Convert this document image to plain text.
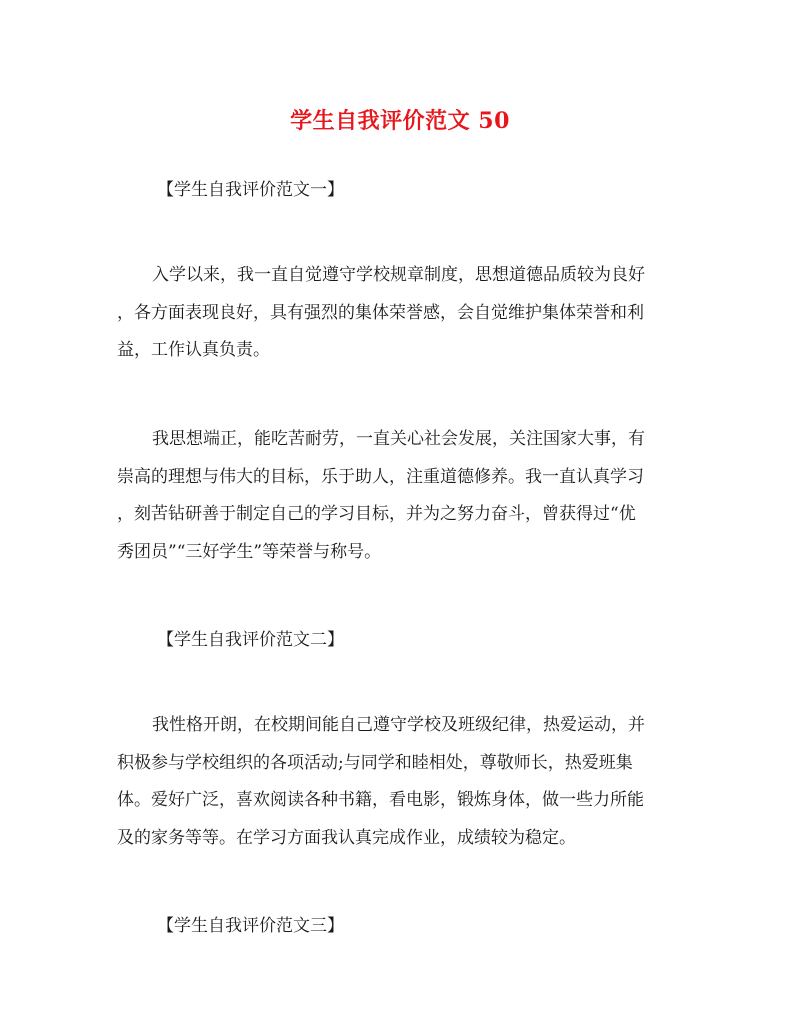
学生自我评价范文 50
【学生自我评价范文一】
入学以来，我一直自觉遵守学校规章制度，思想道德品质较为良好
，各方面表现良好，具有强烈的集体荣誉感，会自觉维护集体荣誉和利
益，工作认真负责。
我思想端正，能吃苦耐劳，一直关心社会发展，关注国家大事，有
崇高的理想与伟大的目标，乐于助人，注重道德修养。我一直认真学习
，刻苦钻研善于制定自己的学习目标，并为之努力奋斗，曾获得过“优
秀团员”“三好学生”等荣誉与称号。
【学生自我评价范文二】
我性格开朗，在校期间能自己遵守学校及班级纪律，热爱运动，并
积极参与学校组织的各项活动;与同学和睦相处，尊敬师长，热爱班集
体。爱好广泛，喜欢阅读各种书籍，看电影，锻炼身体，做一些力所能
及的家务等等。在学习方面我认真完成作业，成绩较为稳定。
【学生自我评价范文三】
